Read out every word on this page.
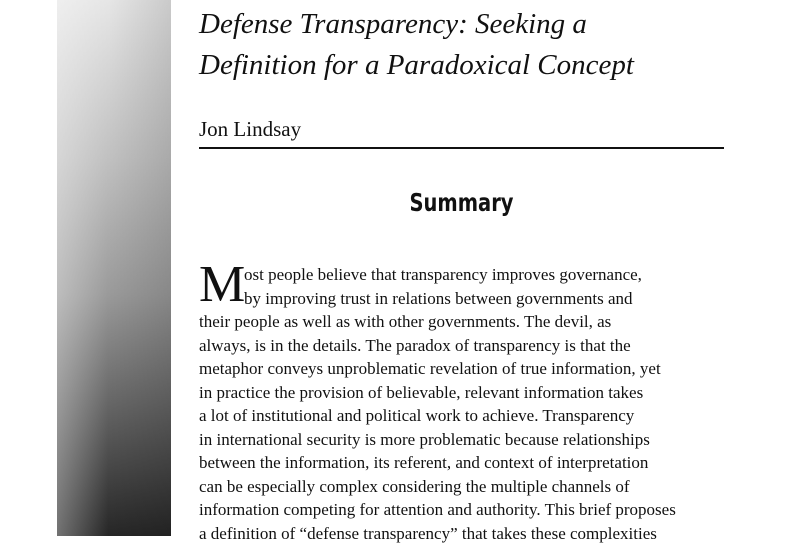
Defense Transparency: Seeking a
Definition for a Paradoxical Concept
Jon Lindsay
Summary
M
ost people believe that transparency improves governance,
by improving trust in relations between governments and
their people as well as with other governments. The devil, as
always, is in the details. The paradox of transparency is that the
metaphor conveys unproblematic revelation of true information, yet
in practice the provision of believable, relevant information takes
a lot of institutional and political work to achieve. Transparency
in international security is more problematic because relationships
between the information, its referent, and context of interpretation
can be especially complex considering the multiple channels of
information competing for attention and authority. This brief proposes
a definition of “defense transparency” that takes these complexities
